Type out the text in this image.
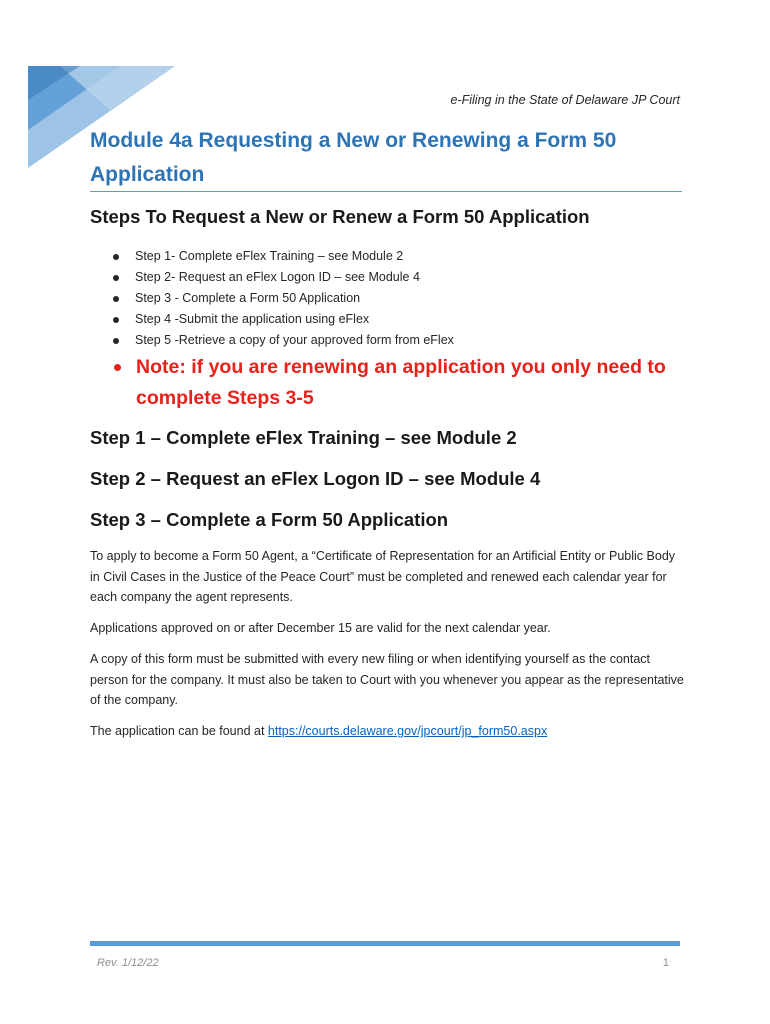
e-Filing in the State of Delaware JP Court
Module 4a Requesting a New or Renewing a Form 50 Application
Steps To Request a New or Renew a Form 50 Application
Step 1- Complete eFlex Training – see Module 2
Step 2- Request an eFlex Logon ID – see Module 4
Step 3 - Complete a Form 50 Application
Step 4 -Submit the application using eFlex
Step 5 -Retrieve a copy of your approved form from eFlex
Note: if you are renewing an application you only need to complete Steps 3-5
Step 1 – Complete eFlex Training – see Module 2
Step 2 – Request an eFlex Logon ID – see Module 4
Step 3 – Complete a Form 50 Application

To apply to become a Form 50 Agent, a “Certificate of Representation for an Artificial Entity or Public Body in Civil Cases in the Justice of the Peace Court” must be completed and renewed each calendar year for each company the agent represents.

Applications approved on or after December 15 are valid for the next calendar year.

A copy of this form must be submitted with every new filing or when identifying yourself as the contact person for the company. It must also be taken to Court with you whenever you appear as the representative of the company.

The application can be found at https://courts.delaware.gov/jpcourt/jp_form50.aspx

Rev. 1/12/22	1
